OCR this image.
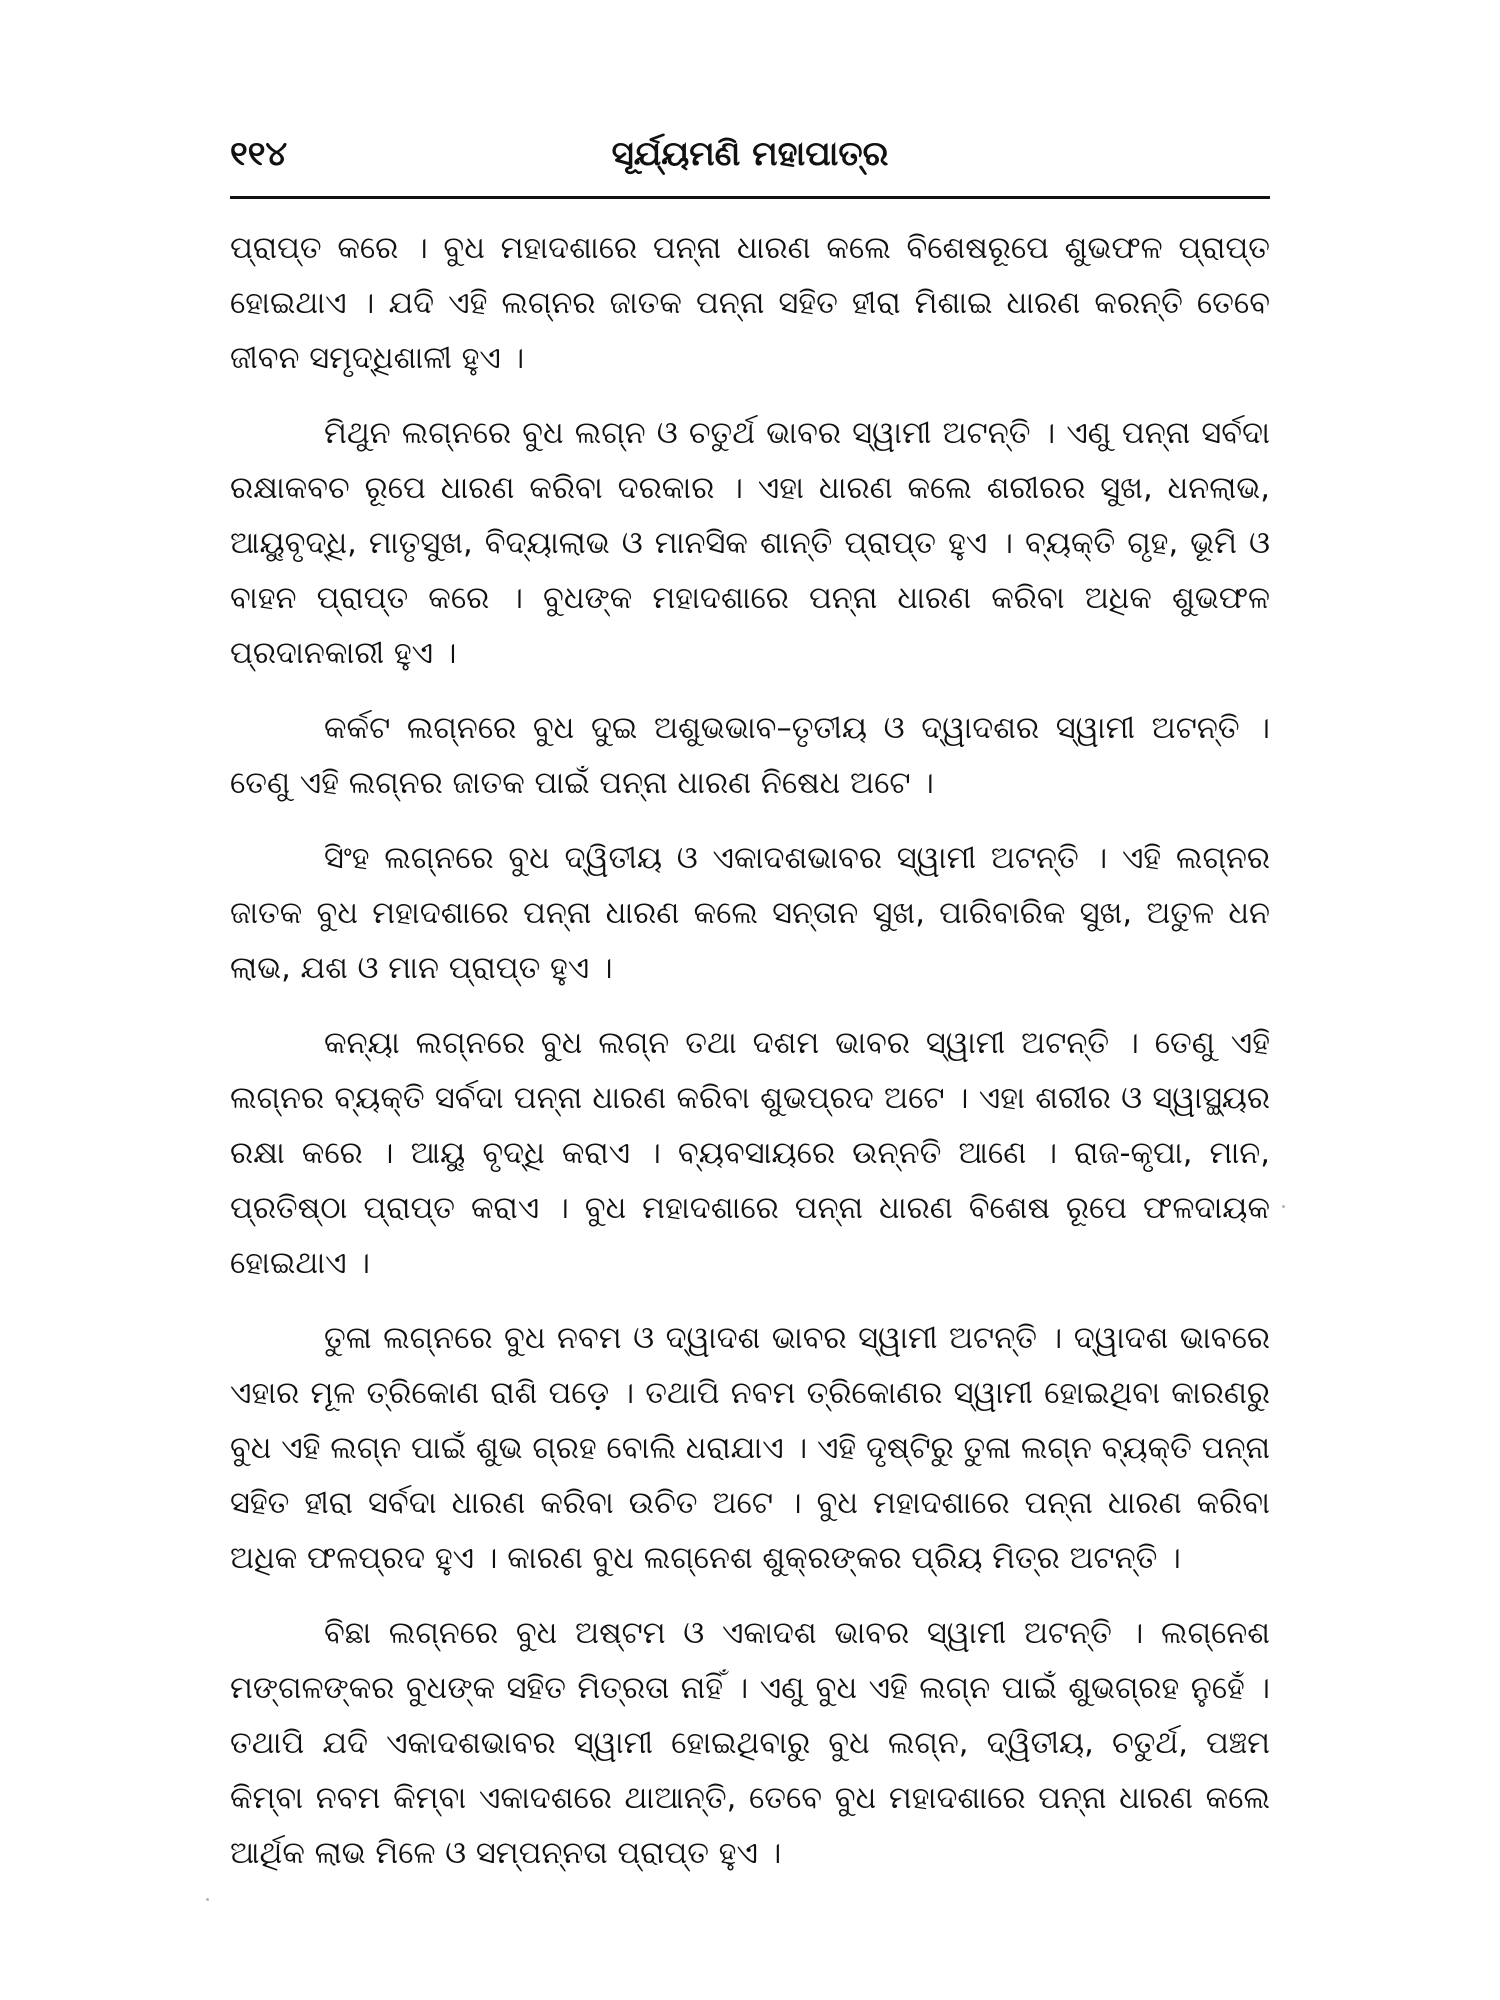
୧୧୪	ସୂର୍ଯ୍ୟମଣି ମହାପାତ୍ର

ପ୍ରାପ୍ତ କରେ । ବୁଧ ମହାଦଶାରେ ପନ୍ନା ଧାରଣ କଲେ ବିଶେଷରୂପେ ଶୁଭଫଳ ପ୍ରାପ୍ତ ହୋଇଥାଏ । ଯଦି ଏହି ଲଗ୍ନର ଜାତକ ପନ୍ନା ସହିତ ହୀରା ମିଶାଇ ଧାରଣ କରନ୍ତି ତେବେ ଜୀବନ ସମୃଦ୍ଧିଶାଳୀ ହୁଏ ।

ମିଥୁନ ଲଗ୍ନରେ ବୁଧ ଲଗ୍ନ ଓ ଚତୁର୍ଥ ଭାବର ସ୍ୱାମୀ ଅଟନ୍ତି । ଏଣୁ ପନ୍ନା ସର୍ବଦା ରକ୍ଷାକବଚ ରୂପେ ଧାରଣ କରିବା ଦରକାର । ଏହା ଧାରଣ କଲେ ଶରୀରର ସୁଖ, ଧନଲାଭ, ଆୟୁବୃଦ୍ଧି, ମାତୃସୁଖ, ବିଦ୍ୟାଲାଭ ଓ ମାନସିକ ଶାନ୍ତି ପ୍ରାପ୍ତ ହୁଏ । ବ୍ୟକ୍ତି ଗୃହ, ଭୂମି ଓ ବାହନ ପ୍ରାପ୍ତ କରେ । ବୁଧଙ୍କ ମହାଦଶାରେ ପନ୍ନା ଧାରଣ କରିବା ଅଧିକ ଶୁଭଫଳ ପ୍ରଦାନକାରୀ ହୁଏ ।

କର୍କଟ ଲଗ୍ନରେ ବୁଧ ଦୁଇ ଅଶୁଭଭାବ–ତୃତୀୟ ଓ ଦ୍ୱାଦଶର ସ୍ୱାମୀ ଅଟନ୍ତି । ତେଣୁ ଏହି ଲଗ୍ନର ଜାତକ ପାଇଁ ପନ୍ନା ଧାରଣ ନିଷେଧ ଅଟେ ।

ସିଂହ ଲଗ୍ନରେ ବୁଧ ଦ୍ୱିତୀୟ ଓ ଏକାଦଶଭାବର ସ୍ୱାମୀ ଅଟନ୍ତି । ଏହି ଲଗ୍ନର ଜାତକ ବୁଧ ମହାଦଶାରେ ପନ୍ନା ଧାରଣ କଲେ ସନ୍ତାନ ସୁଖ, ପାରିବାରିକ ସୁଖ, ଅତୁଳ ଧନ ଲାଭ, ଯଶ ଓ ମାନ ପ୍ରାପ୍ତ ହୁଏ ।

କନ୍ୟା ଲଗ୍ନରେ ବୁଧ ଲଗ୍ନ ତଥା ଦଶମ ଭାବର ସ୍ୱାମୀ ଅଟନ୍ତି । ତେଣୁ ଏହି ଲଗ୍ନର ବ୍ୟକ୍ତି ସର୍ବଦା ପନ୍ନା ଧାରଣ କରିବା ଶୁଭପ୍ରଦ ଅଟେ । ଏହା ଶରୀର ଓ ସ୍ୱାସ୍ଥ୍ୟର ରକ୍ଷା କରେ । ଆୟୁ ବୃଦ୍ଧି କରାଏ । ବ୍ୟବସାୟରେ ଉନ୍ନତି ଆଣେ । ରାଜ-କୃପା, ମାନ, ପ୍ରତିଷ୍ଠା ପ୍ରାପ୍ତ କରାଏ । ବୁଧ ମହାଦଶାରେ ପନ୍ନା ଧାରଣ ବିଶେଷ ରୂପେ ଫଳଦାୟକ ହୋଇଥାଏ ।

ତୁଳା ଲଗ୍ନରେ ବୁଧ ନବମ ଓ ଦ୍ୱାଦଶ ଭାବର ସ୍ୱାମୀ ଅଟନ୍ତି । ଦ୍ୱାଦଶ ଭାବରେ ଏହାର ମୂଳ ତ୍ରିକୋଣ ରାଶି ପଡ଼େ । ତଥାପି ନବମ ତ୍ରିକୋଣର ସ୍ୱାମୀ ହୋଇଥିବା କାରଣରୁ ବୁଧ ଏହି ଲଗ୍ନ ପାଇଁ ଶୁଭ ଗ୍ରହ ବୋଲି ଧରାଯାଏ । ଏହି ଦୃଷ୍ଟିରୁ ତୁଳା ଲଗ୍ନ ବ୍ୟକ୍ତି ପନ୍ନା ସହିତ ହୀରା ସର୍ବଦା ଧାରଣ କରିବା ଉଚିତ ଅଟେ । ବୁଧ ମହାଦଶାରେ ପନ୍ନା ଧାରଣ କରିବା ଅଧିକ ଫଳପ୍ରଦ ହୁଏ । କାରଣ ବୁଧ ଲଗ୍ନେଶ ଶୁକ୍ରଙ୍କର ପ୍ରିୟ ମିତ୍ର ଅଟନ୍ତି ।

ବିଛା ଲଗ୍ନରେ ବୁଧ ଅଷ୍ଟମ ଓ ଏକାଦଶ ଭାବର ସ୍ୱାମୀ ଅଟନ୍ତି । ଲଗ୍ନେଶ ମଙ୍ଗଳଙ୍କର ବୁଧଙ୍କ ସହିତ ମିତ୍ରତା ନାହିଁ । ଏଣୁ ବୁଧ ଏହି ଲଗ୍ନ ପାଇଁ ଶୁଭଗ୍ରହ ନୁହେଁ । ତଥାପି ଯଦି ଏକାଦଶଭାବର ସ୍ୱାମୀ ହୋଇଥିବାରୁ ବୁଧ ଲଗ୍ନ, ଦ୍ୱିତୀୟ, ଚତୁର୍ଥ, ପଞ୍ଚମ କିମ୍ବା ନବମ କିମ୍ବା ଏକାଦଶରେ ଥାଆନ୍ତି, ତେବେ ବୁଧ ମହାଦଶାରେ ପନ୍ନା ଧାରଣ କଲେ ଆର୍ଥିକ ଲାଭ ମିଳେ ଓ ସମ୍ପନ୍ନତା ପ୍ରାପ୍ତ ହୁଏ ।
